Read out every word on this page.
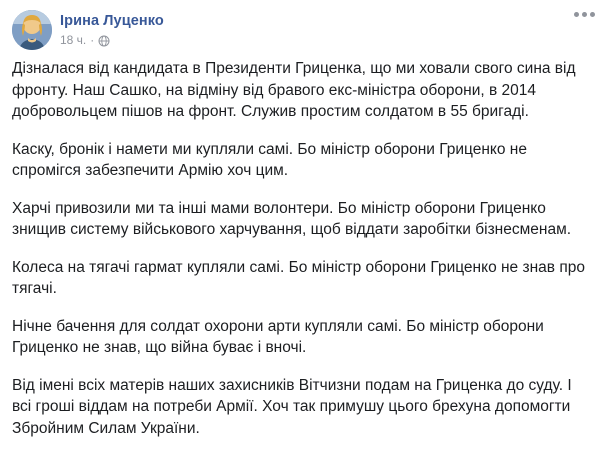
Ірина Луценко
18 ч. ·

Дізналася від кандидата в Президенти Гриценка, що ми ховали свого сина від фронту. Наш Сашко, на відміну від бравого екс-міністра оборони, в 2014 добровольцем пішов на фронт. Служив простим солдатом в 55 бригаді.

Каску, бронік і намети ми купляли самі. Бо міністр оборони Гриценко не спромігся забезпечити Армію хоч цим.

Харчі привозили ми та інші мами волонтери. Бо міністр оборони Гриценко знищив систему військового харчування, щоб віддати заробітки бізнесменам.

Колеса на тягачі гармат купляли самі. Бо міністр оборони Гриценко не знав про тягачі.

Нічне бачення для солдат охорони арти купляли самі. Бо міністр оборони Гриценко не знав, що війна буває і вночі.

Від імені всіх матерів наших захисників Вітчизни подам на Гриценка до суду. І всі гроші віддам на потреби Армії. Хоч так примушу цього брехуна допомогти Збройним Силам України.
